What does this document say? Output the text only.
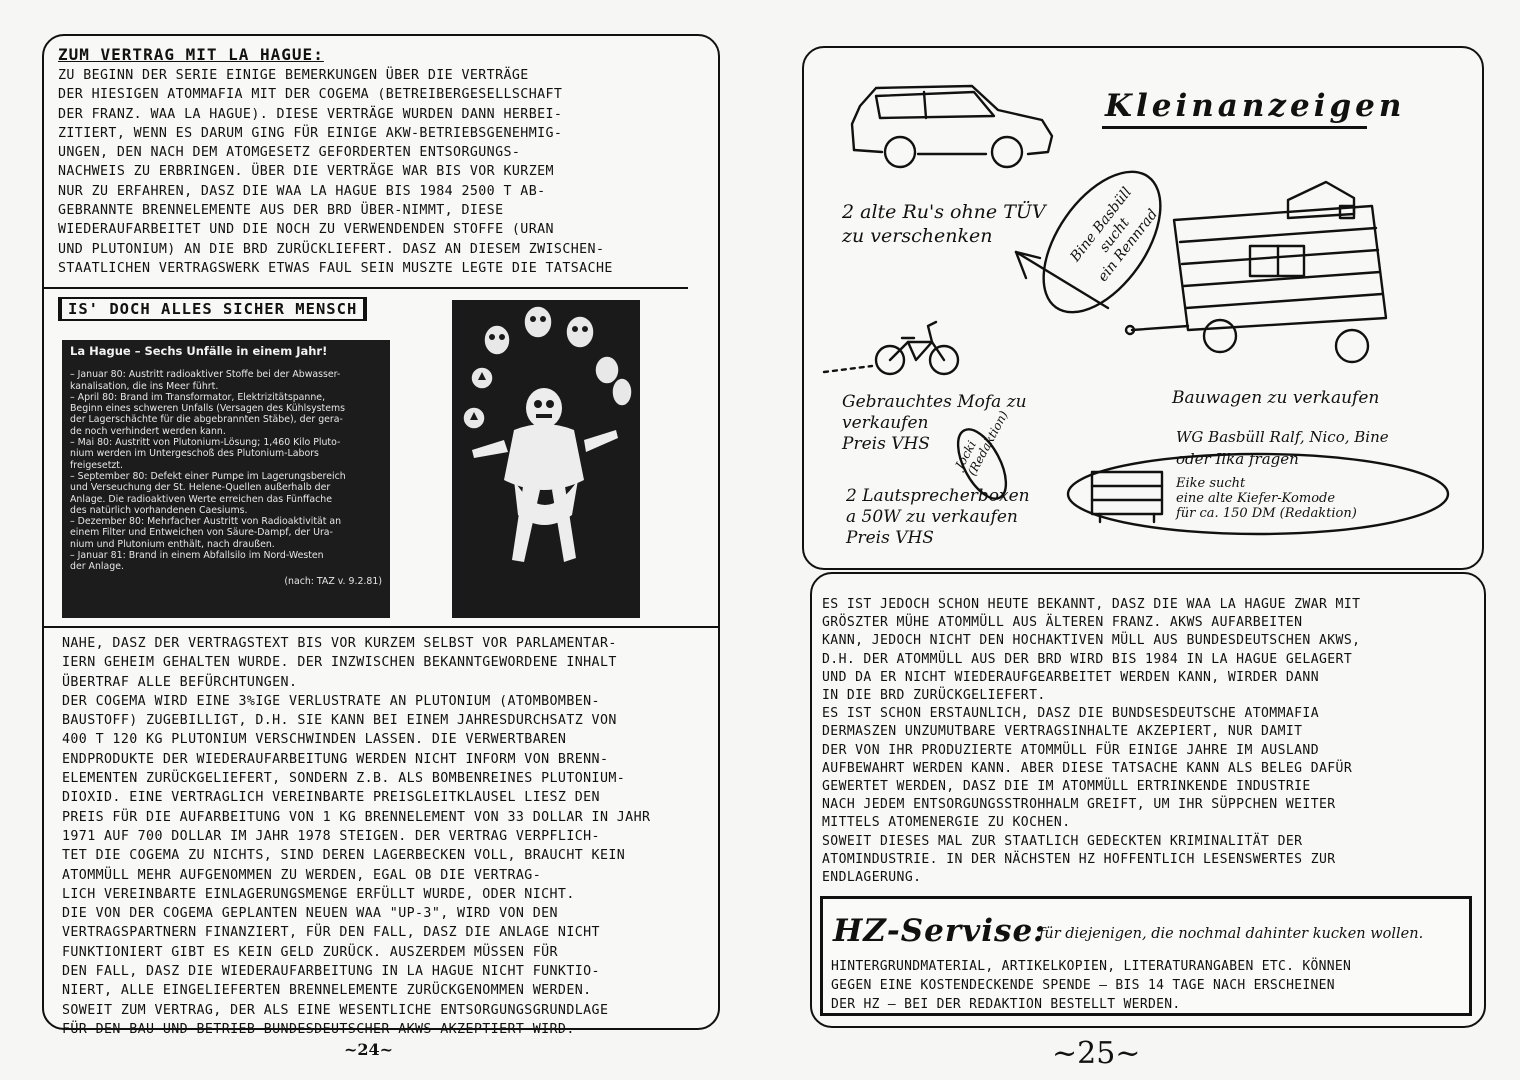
ZUM VERTRAG MIT LA HAGUE:
ZU BEGINN DER SERIE EINIGE BEMERKUNGEN ÜBER DIE VERTRÄGE
DER HIESIGEN ATOMMAFIA MIT DER COGEMA (BETREIBERGESELLSCHAFT
DER FRANZ. WAA LA HAGUE). DIESE VERTRÄGE WURDEN DANN HERBEI-
ZITIERT, WENN ES DARUM GING FÜR EINIGE AKW-BETRIEBSGENEHMIG-
UNGEN, DEN NACH DEM ATOMGESETZ GEFORDERTEN ENTSORGUNGS-
NACHWEIS ZU ERBRINGEN. ÜBER DIE VERTRÄGE WAR BIS VOR KURZEM
NUR ZU ERFAHREN, DASZ DIE WAA LA HAGUE BIS 1984 2500 T AB-
GEBRANNTE BRENNELEMENTE AUS DER BRD ÜBER-NIMMT, DIESE
WIEDERAUFARBEITET UND DIE NOCH ZU VERWENDENDEN STOFFE (URAN
UND PLUTONIUM) AN DIE BRD ZURÜCKLIEFERT. DASZ AN DIESEM ZWISCHEN-
STAATLICHEN VERTRAGSWERK ETWAS FAUL SEIN MUSZTE LEGTE DIE TATSACHE
IS' DOCH ALLES SICHER MENSCH
La Hague – Sechs Unfälle in einem Jahr!
– Januar 80: Austritt radioaktiver Stoffe bei der Abwasser-
kanalisation, die ins Meer führt.
– April 80: Brand im Transformator, Elektrizitätspanne,
Beginn eines schweren Unfalls (Versagen des Kühlsystems
der Lagerschächte für die abgebrannten Stäbe), der gera-
de noch verhindert werden kann.
– Mai 80: Austritt von Plutonium-Lösung; 1,460 Kilo Pluto-
nium werden im Untergeschoß des Plutonium-Labors
freigesetzt.
– September 80: Defekt einer Pumpe im Lagerungsbereich
und Verseuchung der St. Helene-Quellen außerhalb der
Anlage. Die radioaktiven Werte erreichen das Fünffache
des natürlich vorhandenen Caesiums.
– Dezember 80: Mehrfacher Austritt von Radioaktivität an
einem Filter und Entweichen von Säure-Dampf, der Ura-
nium und Plutonium enthält, nach draußen.
– Januar 81: Brand in einem Abfallsilo im Nord-Westen
der Anlage.
(nach: TAZ v. 9.2.81)
NAHE, DASZ DER VERTRAGSTEXT BIS VOR KURZEM SELBST VOR PARLAMENTAR-
IERN GEHEIM GEHALTEN WURDE. DER INZWISCHEN BEKANNTGEWORDENE INHALT
ÜBERTRAF ALLE BEFÜRCHTUNGEN.
DER COGEMA WIRD EINE 3%IGE VERLUSTRATE AN PLUTONIUM (ATOMBOMBEN-
BAUSTOFF) ZUGEBILLIGT, D.H. SIE KANN BEI EINEM JAHRESDURCHSATZ VON
400 T 120 KG PLUTONIUM VERSCHWINDEN LASSEN. DIE VERWERTBAREN
ENDPRODUKTE DER WIEDERAUFARBEITUNG WERDEN NICHT INFORM VON BRENN-
ELEMENTEN ZURÜCKGELIEFERT, SONDERN Z.B. ALS BOMBENREINES PLUTONIUM-
DIOXID. EINE VERTRAGLICH VEREINBARTE PREISGLEITKLAUSEL LIESZ DEN
PREIS FÜR DIE AUFARBEITUNG VON 1 KG BRENNELEMENT VON 33 DOLLAR IN JAHR
1971 AUF 700 DOLLAR IM JAHR 1978 STEIGEN. DER VERTRAG VERPFLICH-
TET DIE COGEMA ZU NICHTS, SIND DEREN LAGERBECKEN VOLL, BRAUCHT KEIN
ATOMMÜLL MEHR AUFGENOMMEN ZU WERDEN, EGAL OB DIE VERTRAG-
LICH VEREINBARTE EINLAGERUNGSMENGE ERFÜLLT WURDE, ODER NICHT.
DIE VON DER COGEMA GEPLANTEN NEUEN WAA "UP-3", WIRD VON DEN
VERTRAGSPARTNERN FINANZIERT, FÜR DEN FALL, DASZ DIE ANLAGE NICHT
FUNKTIONIERT GIBT ES KEIN GELD ZURÜCK. AUSZERDEM MÜSSEN FÜR
DEN FALL, DASZ DIE WIEDERAUFARBEITUNG IN LA HAGUE NICHT FUNKTIO-
NIERT, ALLE EINGELIEFERTEN BRENNELEMENTE ZURÜCKGENOMMEN WERDEN.
SOWEIT ZUM VERTRAG, DER ALS EINE WESENTLICHE ENTSORGUNGSGRUNDLAGE
FÜR DEN BAU UND BETRIEB BUNDESDEUTSCHER AKWS AKZEPTIERT WIRD.
~24~
Kleinanzeigen
2 alte Ru's ohne TÜV
zu verschenken	Bine Basbüll sucht
ein Rennrad
Gebrauchtes Mofa zu
verkaufen
Preis VHS	Jocki
(Redaktion)
2 Lautsprecherboxen
a 50W zu verkaufen
Preis VHS
Bauwagen zu verkaufen
WG Basbüll Ralf, Nico, Bine
oder Ilka fragen
Eike sucht
eine alte Kiefer-Komode
für ca. 150 DM (Redaktion)
ES IST JEDOCH SCHON HEUTE BEKANNT, DASZ DIE WAA LA HAGUE ZWAR MIT
GRÖSZTER MÜHE ATOMMÜLL AUS ÄLTEREN FRANZ. AKWS AUFARBEITEN
KANN, JEDOCH NICHT DEN HOCHAKTIVEN MÜLL AUS BUNDESDEUTSCHEN AKWS,
D.H. DER ATOMMÜLL AUS DER BRD WIRD BIS 1984 IN LA HAGUE GELAGERT
UND DA ER NICHT WIEDERAUFGEARBEITET WERDEN KANN, WIRDER DANN
IN DIE BRD ZURÜCKGELIEFERT.
ES IST SCHON ERSTAUNLICH, DASZ DIE BUNDSESDEUTSCHE ATOMMAFIA
DERMASZEN UNZUMUTBARE VERTRAGSINHALTE AKZEPIERT, NUR DAMIT
DER VON IHR PRODUZIERTE ATOMMÜLL FÜR EINIGE JAHRE IM AUSLAND
AUFBEWAHRT WERDEN KANN. ABER DIESE TATSACHE KANN ALS BELEG DAFÜR
GEWERTET WERDEN, DASZ DIE IM ATOMMÜLL ERTRINKENDE INDUSTRIE
NACH JEDEM ENTSORGUNGSSTROHHALM GREIFT, UM IHR SÜPPCHEN WEITER
MITTELS ATOMENERGIE ZU KOCHEN.
SOWEIT DIESES MAL ZUR STAATLICH GEDECKTEN KRIMINALITÄT DER
ATOMINDUSTRIE. IN DER NÄCHSTEN HZ HOFFENTLICH LESENSWERTES ZUR
ENDLAGERUNG.
HZ-Servise:
für diejenigen, die nochmal dahinter kucken wollen.
HINTERGRUNDMATERIAL, ARTIKELKOPIEN, LITERATURANGABEN ETC. KÖNNEN
GEGEN EINE KOSTENDECKENDE SPENDE — BIS 14 TAGE NACH ERSCHEINEN
DER HZ — BEI DER REDAKTION BESTELLT WERDEN.
~25~
